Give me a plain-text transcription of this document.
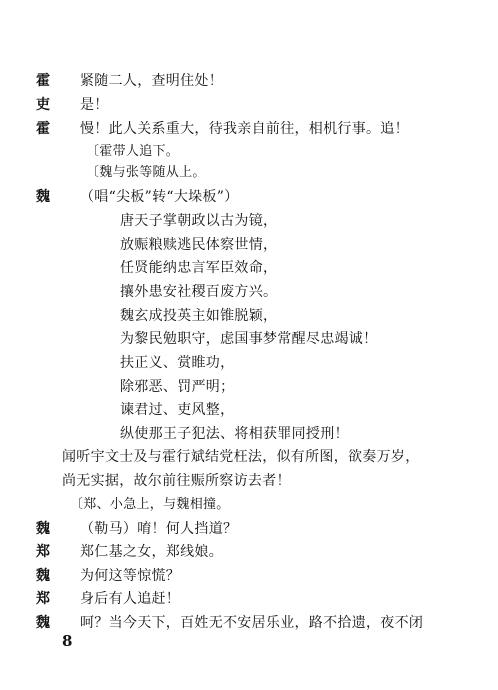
霍	紧随二人，查明住处！
吏	是！
霍	慢！此人关系重大，待我亲自前往，相机行事。追！
〔霍带人追下。
〔魏与张等随从上。
魏	（唱“尖板”转“大垛板”）
唐天子掌朝政以古为镜，
放赈粮赎逃民体察世情，
任贤能纳忠言军臣效命，
攘外患安社稷百废方兴。
魏玄成投英主如锥脱颖，
为黎民勉职守，虑国事梦常醒尽忠竭诚！
扶正义、赏睢功，
除邪恶、罚严明；
谏君过、吏风整，
纵使那王子犯法、将相获罪同授刑！
闻听宇文士及与霍行斌结党枉法，似有所图，欲奏万岁，
尚无实据，故尔前往赈所察访去者！
〔郑、小急上，与魏相撞。
魏	（勒马）唷！何人挡道？
郑	郑仁基之女，郑线娘。
魏	为何这等惊慌？
郑	身后有人追赶！
魏	呵？当今天下，百姓无不安居乐业，路不拾遗，夜不闭
8
